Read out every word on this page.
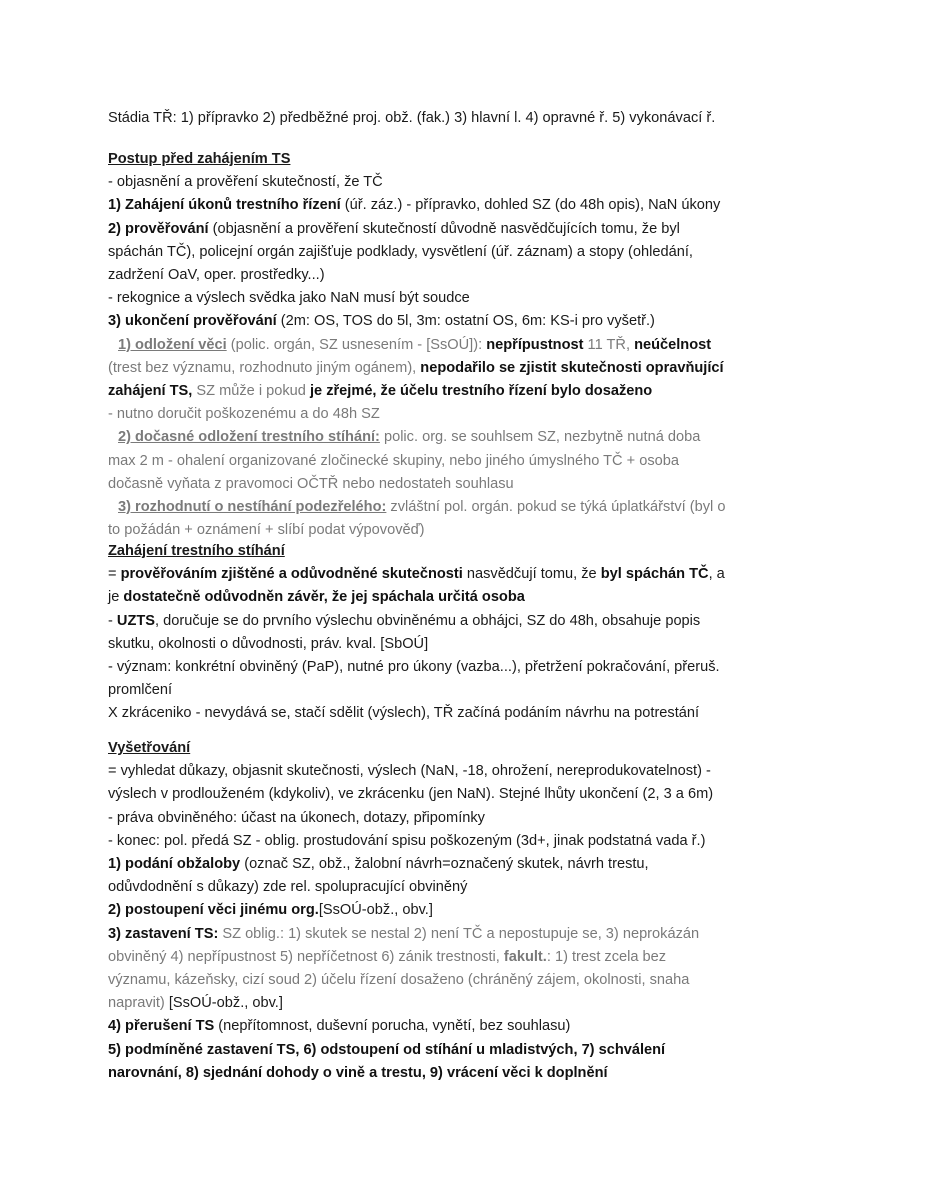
Stádia TŘ: 1) přípravko 2) předběžné proj. obž. (fak.) 3) hlavní l. 4) opravné ř. 5) vykonávací ř.
Postup před zahájením TS
- objasnění a prověření skutečností, že TČ
1) Zahájení úkonů trestního řízení (úř. záz.) - přípravko, dohled SZ (do 48h opis), NaN úkony
2) prověřování (objasnění a prověření skutečností důvodně nasvědčujících tomu, že byl
spáchán TČ), policejní orgán zajišťuje podklady, vysvětlení (úř. záznam) a stopy (ohledání,
zadržení OaV, oper. prostředky...)
- rekognice a výslech svědka jako NaN musí být soudce
3) ukončení prověřování (2m: OS, TOS do 5l, 3m: ostatní OS, 6m: KS-i pro vyšetř.)
1) odložení věci (polic. orgán, SZ usnesením - [SsOÚ]): nepřípustnost 11 TŘ, neúčelnost
(trest bez významu, rozhodnuto jiným ogánem), nepodařilo se zjistit skutečnosti opravňující
zahájení TS, SZ může i pokud je zřejmé, že účelu trestního řízení bylo dosaženo
- nutno doručit poškozenému a do 48h SZ
2) dočasné odložení trestního stíhání: polic. org. se souhlsem SZ, nezbytně nutná doba
max 2 m - ohalení organizované zločinecké skupiny, nebo jiného úmyslného TČ + osoba
dočasně vyňata z pravomoci OČTŘ nebo nedostateh souhlasu
3) rozhodnutí o nestíhání podezřelého: zvláštní pol. orgán. pokud se týká úplatkářství (byl o
to požádán + oznámení + slíbí podat výpovověď)
Zahájení trestního stíhání
= prověřováním zjištěné a odůvodněné skutečnosti nasvědčují tomu, že byl spáchán TČ, a
je dostatečně odůvodněn závěr, že jej spáchala určitá osoba
- UZTS, doručuje se do prvního výslechu obviněnému a obhájci, SZ do 48h, obsahuje popis
skutku, okolnosti o důvodnosti, práv. kval. [SbOÚ]
- význam: konkrétní obviněný (PaP), nutné pro úkony (vazba...), přetržení pokračování, přeruš.
promlčení
X zkráceniko - nevydává se, stačí sdělit (výslech), TŘ začíná podáním návrhu na potrestání
Vyšetřování
= vyhledat důkazy, objasnit skutečnosti, výslech (NaN, -18, ohrožení, nereprodukovatelnost) -
výslech v prodlouženém (kdykoliv), ve zkrácenku (jen NaN). Stejné lhůty ukončení (2, 3 a 6m)
- práva obviněného: účast na úkonech, dotazy, připomínky
- konec: pol. předá SZ - oblig. prostudování spisu poškozeným (3d+, jinak podstatná vada ř.)
1) podání obžaloby (označ SZ, obž., žalobní návrh=označený skutek, návrh trestu,
odůvdodnění s důkazy) zde rel. spolupracující obviněný
2) postoupení věci jinému org.[SsOÚ-obž., obv.]
3) zastavení TS: SZ oblig.: 1) skutek se nestal 2) není TČ a nepostupuje se, 3) neprokázán
obviněný 4) nepřípustnost 5) nepříčetnost 6) zánik trestnosti, fakult.: 1) trest zcela bez
významu, kázeňsky, cizí soud 2) účelu řízení dosaženo (chráněný zájem, okolnosti, snaha
napravit) [SsOÚ-obž., obv.]
4) přerušení TS (nepřítomnost, duševní porucha, vynětí, bez souhlasu)
5) podmíněné zastavení TS, 6) odstoupení od stíhání u mladistvých, 7) schválení
narovnání, 8) sjednání dohody o vině a trestu, 9) vrácení věci k doplnění
